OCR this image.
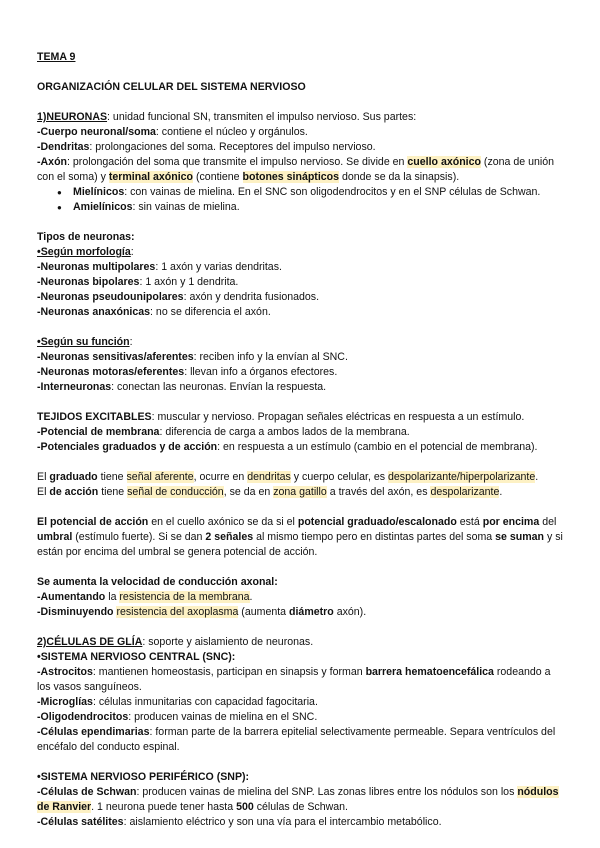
TEMA 9
ORGANIZACIÓN CELULAR DEL SISTEMA NERVIOSO
1)NEURONAS: unidad funcional SN, transmiten el impulso nervioso. Sus partes:
-Cuerpo neuronal/soma: contiene el núcleo y orgánulos.
-Dendritas: prolongaciones del soma. Receptores del impulso nervioso.
-Axón: prolongación del soma que transmite el impulso nervioso. Se divide en cuello axónico (zona de unión con el soma) y terminal axónico (contiene botones sinápticos donde se da la sinapsis).
● Mielínicos: con vainas de mielina. En el SNC son oligodendrocitos y en el SNP células de Schwan.
● Amielínicos: sin vainas de mielina.
Tipos de neuronas:
•Según morfología:
-Neuronas multipolares: 1 axón y varias dendritas.
-Neuronas bipolares: 1 axón y 1 dendrita.
-Neuronas pseudounipolares: axón y dendrita fusionados.
-Neuronas anaxónicas: no se diferencia el axón.
•Según su función:
-Neuronas sensitivas/aferentes: reciben info y la envían al SNC.
-Neuronas motoras/eferentes: llevan info a órganos efectores.
-Interneuronas: conectan las neuronas. Envían la respuesta.
TEJIDOS EXCITABLES: muscular y nervioso. Propagan señales eléctricas en respuesta a un estímulo.
-Potencial de membrana: diferencia de carga a ambos lados de la membrana.
-Potenciales graduados y de acción: en respuesta a un estímulo (cambio en el potencial de membrana).
El graduado tiene señal aferente, ocurre en dendritas y cuerpo celular, es despolarizante/hiperpolarizante.
El de acción tiene señal de conducción, se da en zona gatillo a través del axón, es despolarizante.
El potencial de acción en el cuello axónico se da si el potencial graduado/escalonado está por encima del umbral (estímulo fuerte). Si se dan 2 señales al mismo tiempo pero en distintas partes del soma se suman y si están por encima del umbral se genera potencial de acción.
Se aumenta la velocidad de conducción axonal:
-Aumentando la resistencia de la membrana.
-Disminuyendo resistencia del axoplasma (aumenta diámetro axón).
2)CÉLULAS DE GLÍA: soporte y aislamiento de neuronas.
•SISTEMA NERVIOSO CENTRAL (SNC):
-Astrocitos: mantienen homeostasis, participan en sinapsis y forman barrera hematoencefálica rodeando a los vasos sanguíneos.
-Microglías: células inmunitarias con capacidad fagocitaria.
-Oligodendrocitos: producen vainas de mielina en el SNC.
-Células ependimarias: forman parte de la barrera epitelial selectivamente permeable. Separa ventrículos del encéfalo del conducto espinal.
•SISTEMA NERVIOSO PERIFÉRICO (SNP):
-Células de Schwan: producen vainas de mielina del SNP. Las zonas libres entre los nódulos son los nódulos de Ranvier. 1 neurona puede tener hasta 500 células de Schwan.
-Células satélites: aislamiento eléctrico y son una vía para el intercambio metabólico.
